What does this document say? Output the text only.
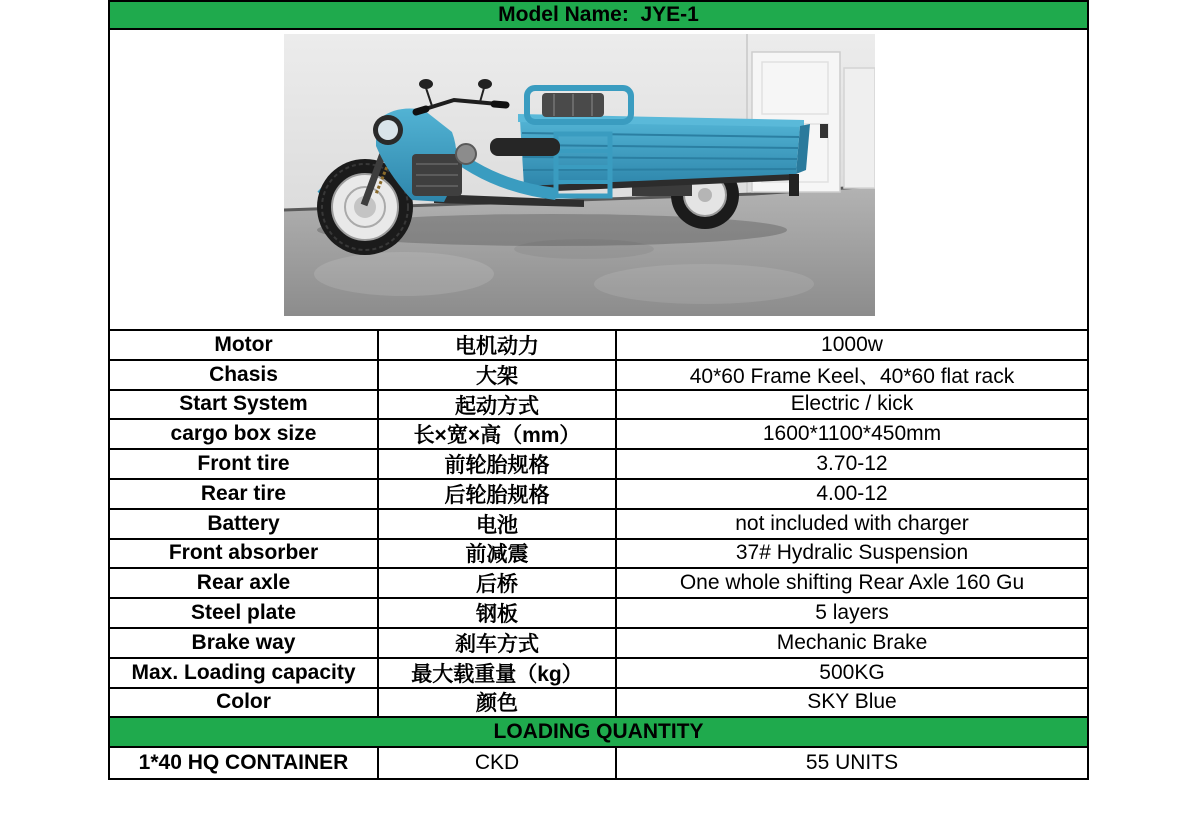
Model Name:  JYE-1
Motor	电机动力	1000w
Chasis	大架	40*60 Frame Keel、40*60 flat rack
Start System	起动方式	Electric / kick
cargo box size	长×宽×高（mm）	1600*1100*450mm
Front tire	前轮胎规格	3.70-12
Rear tire	后轮胎规格	4.00-12
Battery	电池	not included with charger
Front absorber	前减震	37# Hydralic Suspension
Rear axle	后桥	One whole shifting Rear Axle 160 Gu
Steel plate	钢板	5 layers
Brake way	刹车方式	Mechanic Brake
Max. Loading capacity	最大载重量（kg）	500KG
Color	颜色	SKY Blue
LOADING QUANTITY
1*40 HQ CONTAINER	CKD	55 UNITS
